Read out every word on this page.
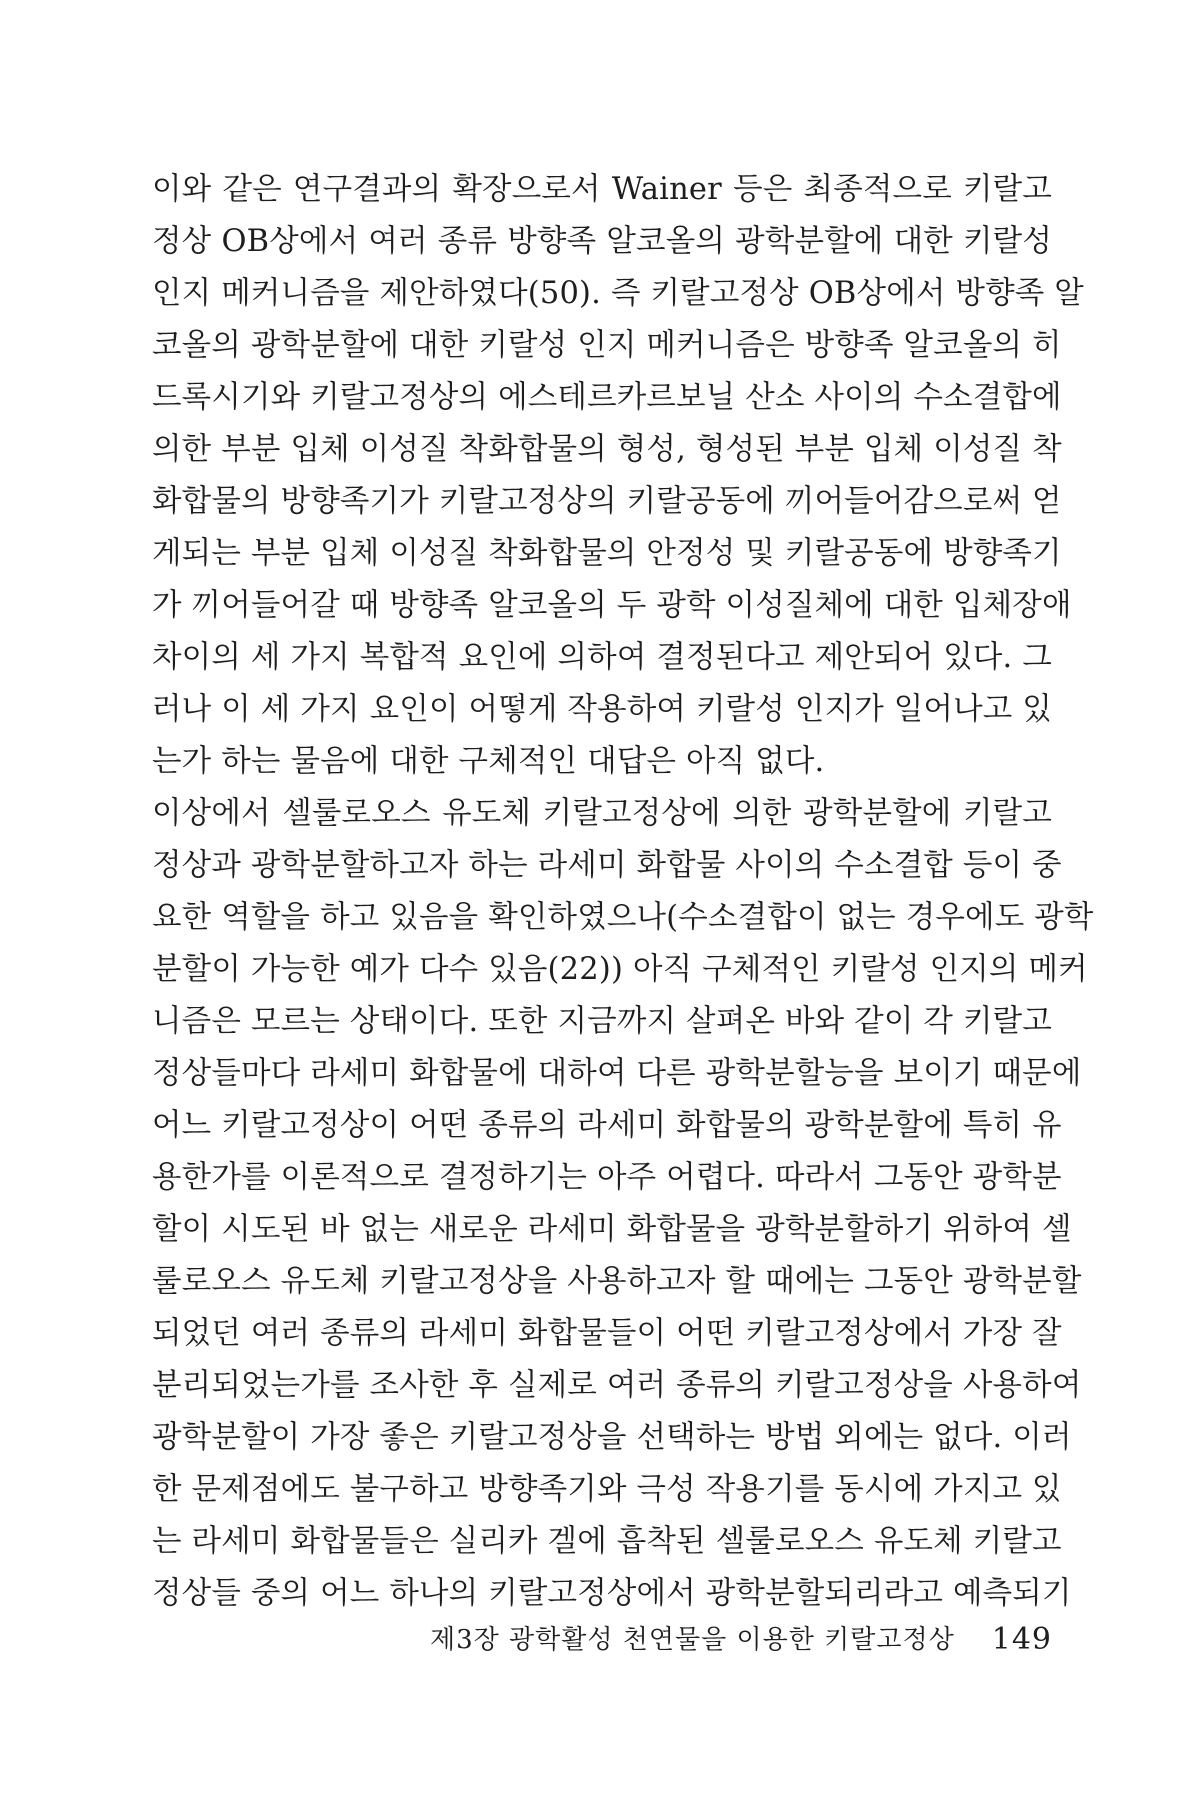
이와 같은 연구결과의 확장으로서 Wainer 등은 최종적으로 키랄고
정상 OB상에서 여러 종류 방향족 알코올의 광학분할에 대한 키랄성
인지 메커니즘을 제안하였다(50). 즉 키랄고정상 OB상에서 방향족 알
코올의 광학분할에 대한 키랄성 인지 메커니즘은 방향족 알코올의 히
드록시기와 키랄고정상의 에스테르카르보닐 산소 사이의 수소결합에
의한 부분 입체 이성질 착화합물의 형성, 형성된 부분 입체 이성질 착
화합물의 방향족기가 키랄고정상의 키랄공동에 끼어들어감으로써 얻
게되는 부분 입체 이성질 착화합물의 안정성 및 키랄공동에 방향족기
가 끼어들어갈 때 방향족 알코올의 두 광학 이성질체에 대한 입체장애
차이의 세 가지 복합적 요인에 의하여 결정된다고 제안되어 있다. 그
러나 이 세 가지 요인이 어떻게 작용하여 키랄성 인지가 일어나고 있
는가 하는 물음에 대한 구체적인 대답은 아직 없다.
이상에서 셀룰로오스 유도체 키랄고정상에 의한 광학분할에 키랄고
정상과 광학분할하고자 하는 라세미 화합물 사이의 수소결합 등이 중
요한 역할을 하고 있음을 확인하였으나(수소결합이 없는 경우에도 광학
분할이 가능한 예가 다수 있음(22)) 아직 구체적인 키랄성 인지의 메커
니즘은 모르는 상태이다. 또한 지금까지 살펴온 바와 같이 각 키랄고
정상들마다 라세미 화합물에 대하여 다른 광학분할능을 보이기 때문에
어느 키랄고정상이 어떤 종류의 라세미 화합물의 광학분할에 특히 유
용한가를 이론적으로 결정하기는 아주 어렵다. 따라서 그동안 광학분
할이 시도된 바 없는 새로운 라세미 화합물을 광학분할하기 위하여 셀
룰로오스 유도체 키랄고정상을 사용하고자 할 때에는 그동안 광학분할
되었던 여러 종류의 라세미 화합물들이 어떤 키랄고정상에서 가장 잘
분리되었는가를 조사한 후 실제로 여러 종류의 키랄고정상을 사용하여
광학분할이 가장 좋은 키랄고정상을 선택하는 방법 외에는 없다. 이러
한 문제점에도 불구하고 방향족기와 극성 작용기를 동시에 가지고 있
는 라세미 화합물들은 실리카 겔에 흡착된 셀룰로오스 유도체 키랄고
정상들 중의 어느 하나의 키랄고정상에서 광학분할되리라고 예측되기
제3장 광학활성 천연물을 이용한 키랄고정상 149
